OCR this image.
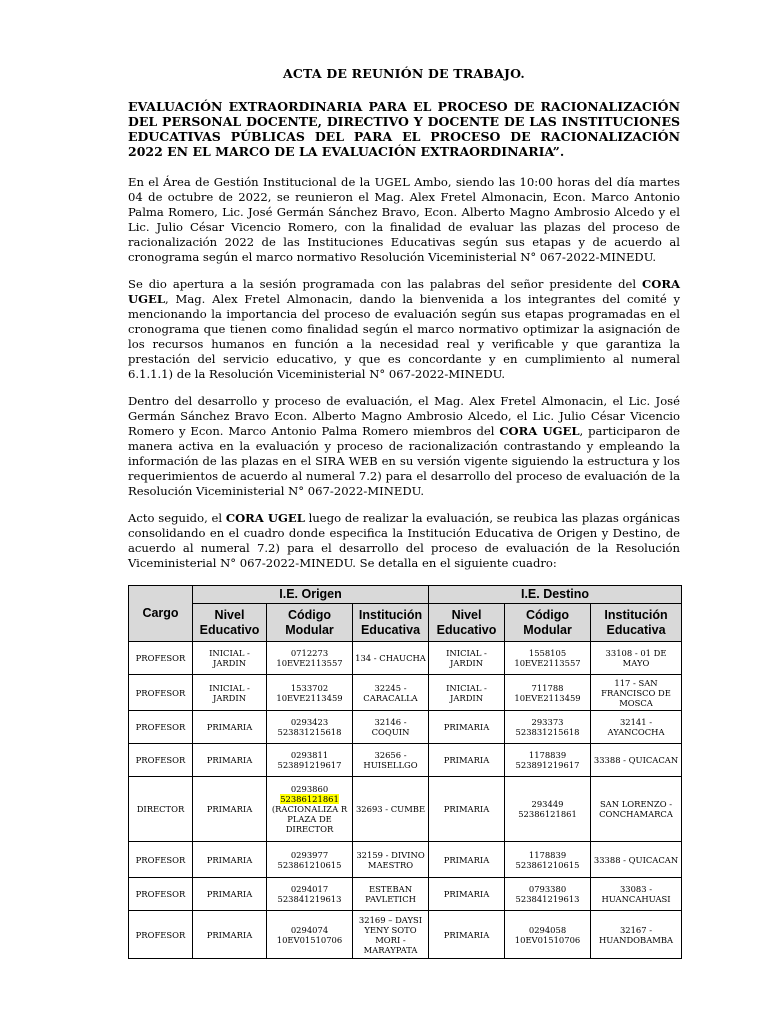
ACTA DE REUNIÓN DE TRABAJO.
EVALUACIÓN EXTRAORDINARIA PARA EL PROCESO DE RACIONALIZACIÓN DEL PERSONAL DOCENTE, DIRECTIVO Y DOCENTE DE LAS INSTITUCIONES EDUCATIVAS PÚBLICAS DEL PARA EL PROCESO DE RACIONALIZACIÓN 2022 EN EL MARCO DE LA EVALUACIÓN EXTRAORDINARIA”.

En el Área de Gestión Institucional de la UGEL Ambo, siendo las 10:00 horas del día martes 04 de octubre de 2022, se reunieron el Mag. Alex Fretel Almonacin, Econ. Marco Antonio Palma Romero, Lic. José Germán Sánchez Bravo, Econ. Alberto Magno Ambrosio Alcedo y el Lic. Julio César Vicencio Romero, con la finalidad de evaluar las plazas del proceso de racionalización 2022 de las Instituciones Educativas según sus etapas y de acuerdo al cronograma según el marco normativo Resolución Viceministerial N° 067-2022-MINEDU.

Se dio apertura a la sesión programada con las palabras del señor presidente del CORA UGEL, Mag. Alex Fretel Almonacin, dando la bienvenida a los integrantes del comité y mencionando la importancia del proceso de evaluación según sus etapas programadas en el cronograma que tienen como finalidad según el marco normativo optimizar la asignación de los recursos humanos en función a la necesidad real y verificable y que garantiza la prestación del servicio educativo, y que es concordante y en cumplimiento al numeral 6.1.1.1) de la Resolución Viceministerial N° 067-2022-MINEDU.

Dentro del desarrollo y proceso de evaluación, el Mag. Alex Fretel Almonacin, el Lic. José Germán Sánchez Bravo Econ. Alberto Magno Ambrosio Alcedo, el Lic. Julio César Vicencio Romero y Econ. Marco Antonio Palma Romero miembros del CORA UGEL, participaron de manera activa en la evaluación y proceso de racionalización contrastando y empleando la información de las plazas en el SIRA WEB en su versión vigente siguiendo la estructura y los requerimientos de acuerdo al numeral 7.2) para el desarrollo del proceso de evaluación de la Resolución Viceministerial N° 067-2022-MINEDU.

Acto seguido, el CORA UGEL luego de realizar la evaluación, se reubica las plazas orgánicas consolidando en el cuadro donde especifica la Institución Educativa de Origen y Destino, de acuerdo al numeral 7.2) para el desarrollo del proceso de evaluación de la Resolución Viceministerial N° 067-2022-MINEDU. Se detalla en el siguiente cuadro:

Cargo	I.E. Origen			I.E. Destino		
	Nivel Educativo	Código Modular	Institución Educativa	Nivel Educativo	Código Modular	Institución Educativa
PROFESOR	INICIAL - JARDIN	0712273 10EVE2113557	134 - CHAUCHA	INICIAL - JARDIN	1558105 10EVE2113557	33108 - 01 DE MAYO
PROFESOR	INICIAL - JARDIN	1533702 10EVE2113459	32245 - CARACALLA	INICIAL - JARDIN	711788 10EVE2113459	117 - SAN FRANCISCO DE MOSCA
PROFESOR	PRIMARIA	0293423 523831215618	32146 - COQUIN	PRIMARIA	293373 523831215618	32141 - AYANCOCHA
PROFESOR	PRIMARIA	0293811 523891219617	32656 - HUISELLGO	PRIMARIA	1178839 523891219617	33388 - QUICACAN
DIRECTOR	PRIMARIA	0293860
52386121861
(RACIONALIZA R PLAZA DE DIRECTOR	32693 - CUMBE	PRIMARIA	293449 52386121861	SAN LORENZO - CONCHAMARCA
PROFESOR	PRIMARIA	0293977 523861210615	32159 - DIVINO MAESTRO	PRIMARIA	1178839 523861210615	33388 - QUICACAN
PROFESOR	PRIMARIA	0294017 523841219613	ESTEBAN PAVLETICH	PRIMARIA	0793380 523841219613	33083 - HUANCAHUASI
PROFESOR	PRIMARIA	0294074 10EV01510706	32169 – DAYSI YENY SOTO MORI - MARAYPATA	PRIMARIA	0294058 10EV01510706	32167 - HUANDOBAMBA
